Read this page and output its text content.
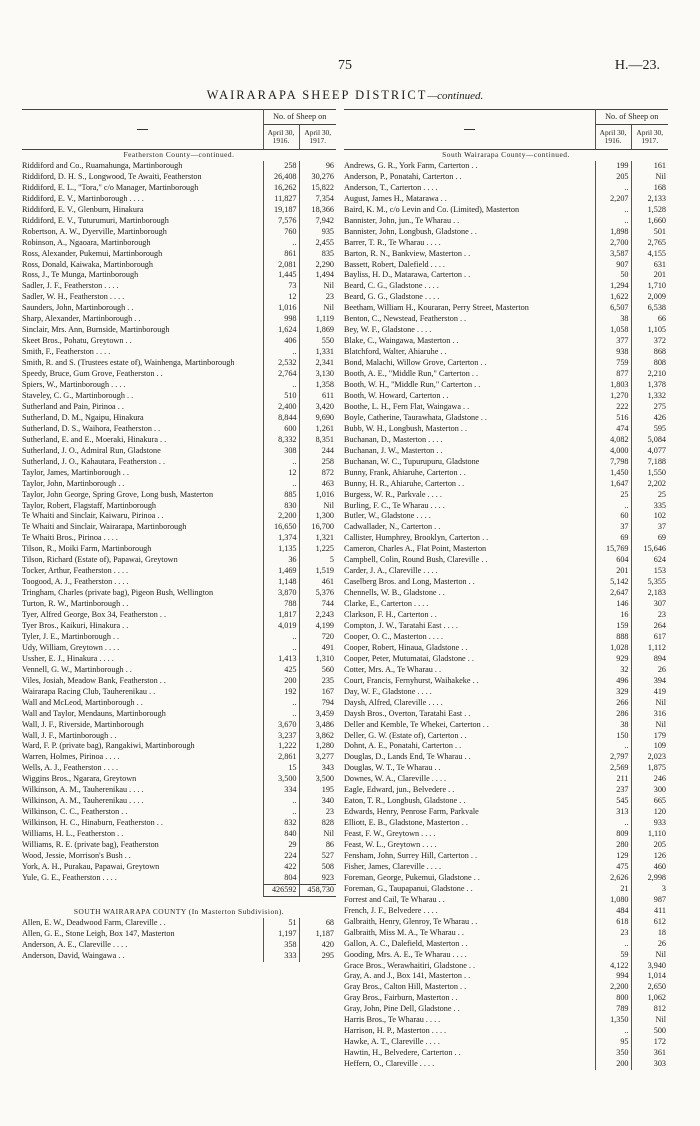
75	H.—23.
WAIRARAPA SHEEP DISTRICT—continued.
	No. of Sheep on	
	April 30, 1916.	April 30, 1917.
Featherston County—continued.		
Riddiford and Co., Ruamahunga, Martinborough	258	96
Riddiford, D. H. S., Longwood, Te Awaiti, Featherston	26,408	30,276
Riddiford, E. L., "Tora," c/o Manager, Martinborough	16,262	15,822
Riddiford, E. V., Martinborough . . . .	11,827	7,354
Riddiford, E. V., Glenburn, Hinakura	19,187	18,366
Riddiford, E. V., Tuturumuri, Martinborough	7,576	7,942
Robertson, A. W., Dyerville, Martinborough	760	935
Robinson, A., Ngaoara, Martinborough	..	2,455
Ross, Alexander, Pukemui, Martinborough	861	835
Ross, Donald, Kaiwaka, Martinborough	2,081	2,290
Ross, J., Te Munga, Martinborough	1,445	1,494
Sadler, J. F., Featherston . . . .	73	Nil
Sadler, W. H., Featherston . . . .	12	23
Saunders, John, Martinborough . .	1,016	Nil
Sharp, Alexander, Martinborough . .	998	1,119
Sinclair, Mrs. Ann, Burnside, Martinborough	1,624	1,869
Skeet Bros., Pohatu, Greytown . .	406	550
Smith, F., Featherston . . . .	..	1,331
Smith, R. and S. (Trustees estate of), Wainhenga, Martinborough	2,532	2,341
Speedy, Bruce, Gum Grove, Featherston . .	2,764	3,130
Spiers, W., Martinborough . . . .	..	1,358
Staveley, C. G., Martinborough . .	510	611
Sutherland and Pain, Pirinoa . .	2,400	3,420
Sutherland, D. M., Ngaipu, Hinakura	8,844	9,690
Sutherland, D. S., Waihora, Featherston . .	600	1,261
Sutherland, E. and E., Moeraki, Hinakura . .	8,332	8,351
Sutherland, J. O., Admiral Run, Gladstone	308	244
Sutherland, J. O., Kahautara, Featherston . .	..	258
Taylor, James, Martinborough . .	12	872
Taylor, John, Martinborough . .	..	463
Taylor, John George, Spring Grove, Long bush, Masterton	885	1,016
Taylor, Robert, Flagstaff, Martinborough	830	Nil
Te Whaiti and Sinclair, Kaiwaru, Pirinoa . .	2,200	1,300
Te Whaiti and Sinclair, Wairarapa, Martinborough	16,650	16,700
Te Whaiti Bros., Pirinoa . . . .	1,374	1,321
Tilson, R., Moiki Farm, Martinborough	1,135	1,225
Tilson, Richard (Estate of), Papawai, Greytown	36	5
Tocker, Arthur, Featherston . . . .	1,469	1,519
Toogood, A. J., Featherston . . . .	1,148	461
Tringham, Charles (private bag), Pigeon Bush, Wellington	3,870	5,376
Turton, R. W., Martinborough . .	788	744
Tyer, Alfred George, Box 34, Featherston . .	1,817	2,243
Tyer Bros., Kaikuri, Hinakura . .	4,019	4,199
Tyler, J. E., Martinborough . .	..	720
Udy, William, Greytown . . . .	..	491
Ussher, E. J., Hinakura . . . .	1,413	1,310
Vennell, G. W., Martinborough . .	425	560
Viles, Josiah, Meadow Bank, Featherston . .	200	235
Wairarapa Racing Club, Tauherenikau . .	192	167
Wall and McLeod, Martinborough . .	..	794
Wall and Taylor, Mendauns, Martinborough	..	3,459
Wall, J. F., Riverside, Martinborough	3,670	3,486
Wall, J. F., Martinborough . .	3,237	3,862
Ward, F. P. (private bag), Rangakiwi, Martinborough	1,222	1,280
Warren, Holmes, Pirinoa . . . .	2,861	3,277
Wells, A. J., Featherston . . . .	15	343
Wiggins Bros., Ngarara, Greytown	3,500	3,500
Wilkinson, A. M., Tauherenikau . . . .	334	195
Wilkinson, A. M., Tauherenikau . . . .	..	340
Wilkinson, C. C., Featherston . .	..	23
Wilkinson, H. C., Hinaburn, Featherston . .	832	828
Williams, H. L., Featherston . .	840	Nil
Williams, R. E. (private bag), Featherston	29	86
Wood, Jessie, Morrison's Bush . .	224	527
York, A. H., Purakau, Papawai, Greytown	422	508
Yule, G. E., Featherston . . . .	804	923
	426592	458,730

SOUTH WAIRARAPA COUNTY (In Masterton Subdivision).		
Allen, E. W., Deadwood Farm, Clareville . .	51	68
Allen, G. E., Stone Leigh, Box 147, Masterton	1,197	1,187
Anderson, A. E., Clareville . . . .	358	420
Anderson, David, Waingawa . .	333	295
	No. of Sheep on	
	April 30, 1916.	April 30, 1917.
South Wairarapa County—continued.		
Andrews, G. R., York Farm, Carterton . .	199	161
Anderson, P., Ponatahi, Carterton . .	205	Nil
Anderson, T., Carterton . . . .	..	168
August, James H., Matarawa . .	2,207	2,133
Baird, K. M., c/o Levin and Co. (Limited), Masterton	..	1,528
Bannister, John, jun., Te Wharau . .	..	1,660
Bannister, John, Longbush, Gladstone . .	1,898	501
Barrer, T. R., Te Wharau . . . .	2,700	2,765
Barton, R. N., Bankview, Masterton . .	3,587	4,155
Bassett, Robert, Dalefield . . . .	907	631
Bayliss, H. D., Matarawa, Carterton . .	50	201
Beard, C. G., Gladstone . . . .	1,294	1,710
Beard, G. G., Gladstone . . . .	1,622	2,009
Beetham, William H., Kouraran, Perry Street, Masterton	6,507	6,538
Benton, C., Newstead, Featherston . .	38	66
Bey, W. F., Gladstone . . . .	1,058	1,105
Blake, C., Waingawa, Masterton . .	377	372
Blatchford, Walter, Ahiaruhe . .	938	868
Bond, Malachi, Willow Grove, Carterton . .	759	808
Booth, A. E., "Middle Run," Carterton . .	877	2,210
Booth, W. H., "Middle Run," Carterton . .	1,803	1,378
Booth, W. Howard, Carterton . .	1,270	1,332
Boothe, L. H., Fern Flat, Waingawa . .	222	275
Boyle, Catherine, Taurawhata, Gladstone . .	516	426
Bubb, W. H., Longbush, Masterton . .	474	595
Buchanan, D., Masterton . . . .	4,082	5,084
Buchanan, J. W., Masterton . .	4,000	4,077
Buchanan, W. C., Tupurupuru, Gladstone	7,798	7,188
Bunny, Frank, Ahiaruhe, Carterton . .	1,450	1,550
Bunny, H. R., Ahiaruhe, Carterton . .	1,647	2,202
Burgess, W. R., Parkvale . . . .	25	25
Burling, F. C., Te Wharau . . . .	..	335
Butler, W., Gladstone . . . .	60	102
Cadwallader, N., Carterton . .	37	37
Callister, Humphrey, Brooklyn, Carterton . .	69	69
Cameron, Charles A., Flat Point, Masterton	15,769	15,646
Campbell, Colin, Round Bush, Clareville . .	604	624
Carder, J. A., Clareville . . . .	201	153
Caselberg Bros. and Long, Masterton . .	5,142	5,355
Chennells, W. B., Gladstone . .	2,647	2,183
Clarke, E., Carterton . . . .	146	307
Clarkson, F. H., Carterton . .	16	23
Compton, J. W., Taratahi East . . . .	159	264
Cooper, O. C., Masterton . . . .	888	617
Cooper, Robert, Hinaua, Gladstone . .	1,028	1,112
Cooper, Peter, Mutumatai, Gladstone . .	929	894
Cotter, Mrs. A., Te Wharau . .	32	26
Court, Francis, Fernyhurst, Waihakeke . .	496	394
Day, W. F., Gladstone . . . .	329	419
Daysh, Alfred, Clareville . . . .	266	Nil
Daysh Bros., Overton, Taratahi East . .	286	316
Deller and Kemble, Te Whekei, Carterton . .	38	Nil
Deller, G. W. (Estate of), Carterton . .	150	179
Dohnt, A. E., Ponatahi, Carterton . .	..	109
Douglas, D., Lands End, Te Wharau . .	2,797	2,023
Douglas, W. T., Te Wharau . .	2,569	1,875
Downes, W. A., Clareville . . . .	211	246
Eagle, Edward, jun., Belvedere . .	237	300
Eaton, T. R., Longbush, Gladstone . .	545	665
Edwards, Henry, Penrose Farm, Parkvale	313	120
Elliott, E. B., Gladstone, Masterton . .	..	933
Feast, F. W., Greytown . . . .	809	1,110
Feast, W. L., Greytown . . . .	280	205
Fensham, John, Surrey Hill, Carterton . .	129	126
Fisher, James, Clareville . . . .	475	460
Foreman, George, Pukemui, Gladstone . .	2,626	2,998
Foreman, G., Taupapanui, Gladstone . .	21	3
Forrest and Cail, Te Wharau . .	1,080	987
French, J. F., Belvedere . . . .	484	411
Galbraith, Henry, Glenroy, Te Wharau . .	618	612
Galbraith, Miss M. A., Te Wharau . .	23	18
Gallon, A. C., Dalefield, Masterton . .	..	26
Gooding, Mrs. A. E., Te Wharau . . . .	59	Nil
Grace Bros., Werawhaitiri, Gladstone . .	4,122	3,940
Gray, A. and J., Box 141, Masterton . .	994	1,014
Gray Bros., Calton Hill, Masterton . .	2,200	2,650
Gray Bros., Fairburn, Masterton . .	800	1,062
Gray, John, Pine Dell, Gladstone . .	789	812
Harris Bros., Te Wharau . . . .	1,350	Nil
Harrison, H. P., Masterton . . . .	..	500
Hawke, A. T., Clareville . . . .	95	172
Hawtin, H., Belvedere, Carterton . .	350	361
Heffern, O., Clareville . . . .	200	303
